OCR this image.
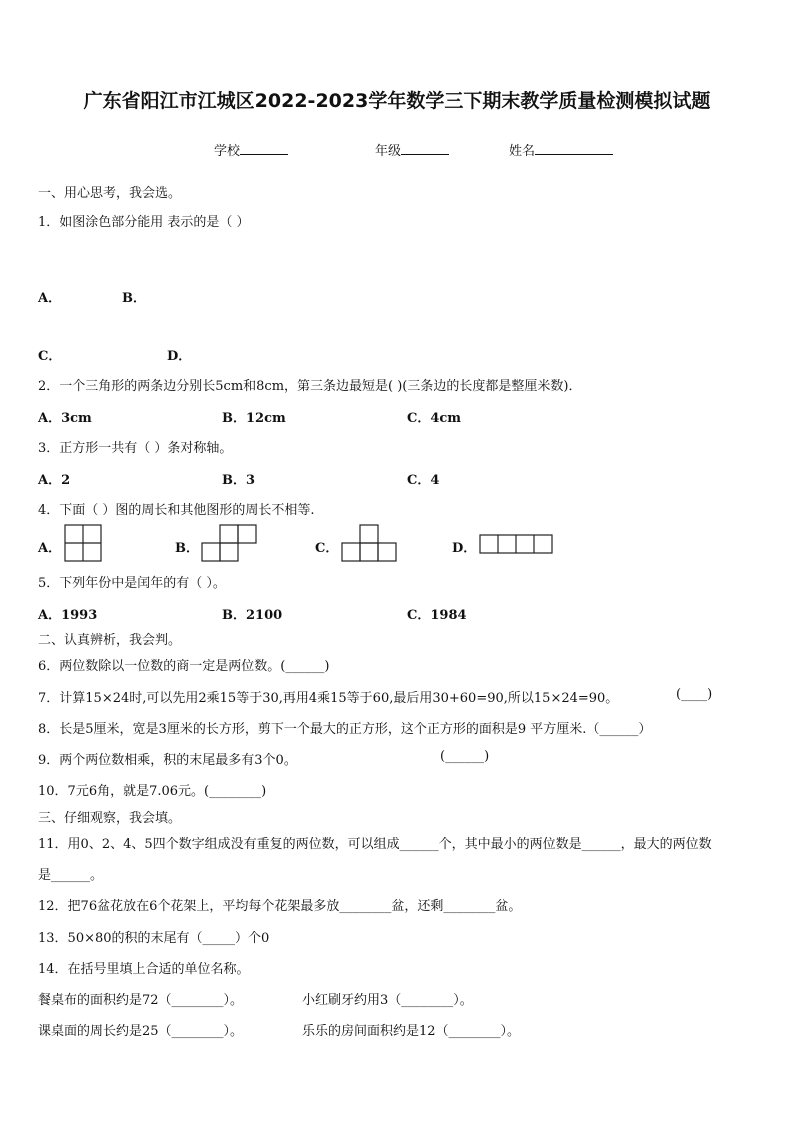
广东省阳江市江城区2022-2023学年数学三下期末教学质量检测模拟试题
学校	年级	姓名
一、用心思考，我会选。
1．如图涂色部分能用 表示的是（ ）
A．	B．
C．	D．
2．一个三角形的两条边分别长5cm和8cm，第三条边最短是( )(三条边的长度都是整厘米数)．
A．3cm	B．12cm	C．4cm
3．正方形一共有（ ）条对称轴。
A．2	B．3	C．4
4．下面（ ）图的周长和其他图形的周长不相等.
A．	B．	C．	D．
5．下列年份中是闰年的有（ ）。
A．1993	B．2100	C．1984
二、认真辨析，我会判。
6．两位数除以一位数的商一定是两位数。(______)
7．计算15×24时,可以先用2乘15等于30,再用4乘15等于60,最后用30+60=90,所以15×24=90。	(____)
8．长是5厘米，宽是3厘米的长方形，剪下一个最大的正方形，这个正方形的面积是9 平方厘米.（______）
9．两个两位数相乘，积的末尾最多有3个0。	(______)
10．7元6角，就是7.06元。(________)
三、仔细观察，我会填。
11．用0、2、4、5四个数字组成没有重复的两位数，可以组成______个，其中最小的两位数是______，最大的两位数
是______。
12．把76盆花放在6个花架上，平均每个花架最多放________盆，还剩________盆。
13．50×80的积的末尾有（_____）个0
14．在括号里填上合适的单位名称。
餐桌布的面积约是72（________）。	小红刷牙约用3（________）。
课桌面的周长约是25（________）。	乐乐的房间面积约是12（________）。
